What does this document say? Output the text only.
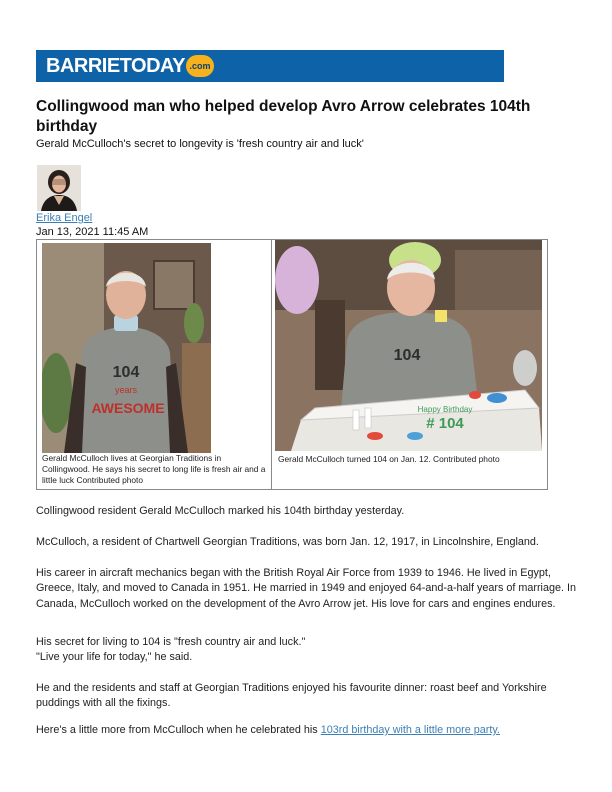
BARRIETODAY .com
Collingwood man who helped develop Avro Arrow celebrates 104th birthday
Gerald McCulloch's secret to longevity is 'fresh country air and luck'
Erika Engel
Jan 13, 2021 11:45 AM
104
years
AWESOME
104
# 104
Happy Birthday
Gerald McCulloch lives at Georgian Traditions in Collingwood. He says his secret to long life is fresh air and a little luck Contributed photo
Gerald McCulloch turned 104 on Jan. 12. Contributed photo
Collingwood resident Gerald McCulloch marked his 104th birthday yesterday.
McCulloch, a resident of Chartwell Georgian Traditions, was born Jan. 12, 1917, in Lincolnshire, England.
His career in aircraft mechanics began with the British Royal Air Force from 1939 to 1946. He lived in Egypt, Greece, Italy, and moved to Canada in 1951. He married in 1949 and enjoyed 64-and-a-half years of marriage. In Canada, McCulloch worked on the development of the Avro Arrow jet. His love for cars and engines endures.
His secret for living to 104 is "fresh country air and luck."
"Live your life for today," he said.
He and the residents and staff at Georgian Traditions enjoyed his favourite dinner: roast beef and Yorkshire puddings with all the fixings.
Here's a little more from McCulloch when he celebrated his 103rd birthday with a little more party.
